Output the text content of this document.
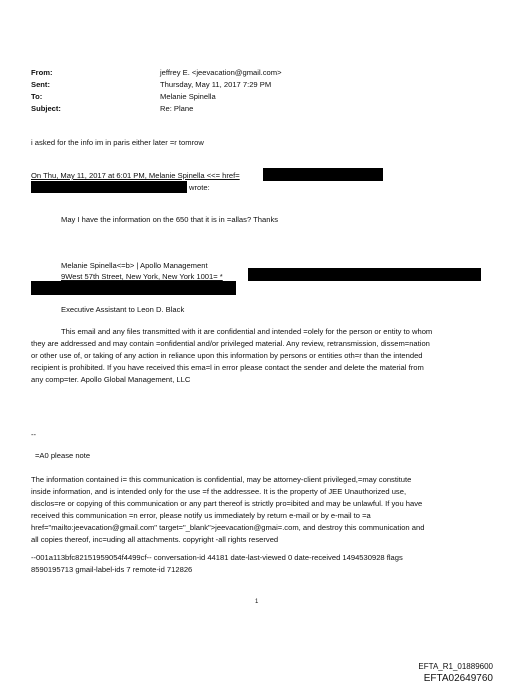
From:	jeffrey E. <jeevacation@gmail.com>
Sent:	Thursday, May 11, 2017 7:29 PM
To:	Melanie Spinella
Subject:	Re: Plane
i asked for the info im in paris either later =r tomrow
On Thu, May 11, 2017 at 6:01 PM, Melanie Spinella <<= href=
wrote:
May I have the information on the 650 that it is in =allas? Thanks
Melanie Spinella<=b> | Apollo Management
9West 57th Street, New York, New York 1001= *
Executive Assistant to Leon D. Black
This email and any files transmitted with it are confidential and intended =olely for the person or entity to whom
they are addressed and may contain =onfidential and/or privileged material. Any review, retransmission, dissem=nation
or other use of, or taking of any action in reliance upon this information by persons or entities oth=r than the intended
recipient is prohibited. If you have received this ema=l in error please contact the sender and delete the material from
any comp=ter. Apollo Global Management, LLC
--
=A0 please note
The information contained i= this communication is confidential, may be attorney-client privileged,=may constitute
inside information, and is intended only for the use =f the addressee. It is the property of JEE Unauthorized use,
disclos=re or copying of this communication or any part thereof is strictly pro=ibited and may be unlawful. If you have
received this communication =n error, please notify us immediately by return e-mail or by e-mail to =a
href="mailto:jeevacation@gmail.com" target="_blank">jeevacation@gmai=.com, and destroy this communication and
all copies thereof, inc=uding all attachments. copyright -all rights reserved
--001a113bfc82151959054f4499cf-- conversation-id 44181 date-last-viewed 0 date-received 1494530928 flags
8590195713 gmail-label-ids 7 remote-id 712826
1
EFTA_R1_01889600
EFTA02649760
